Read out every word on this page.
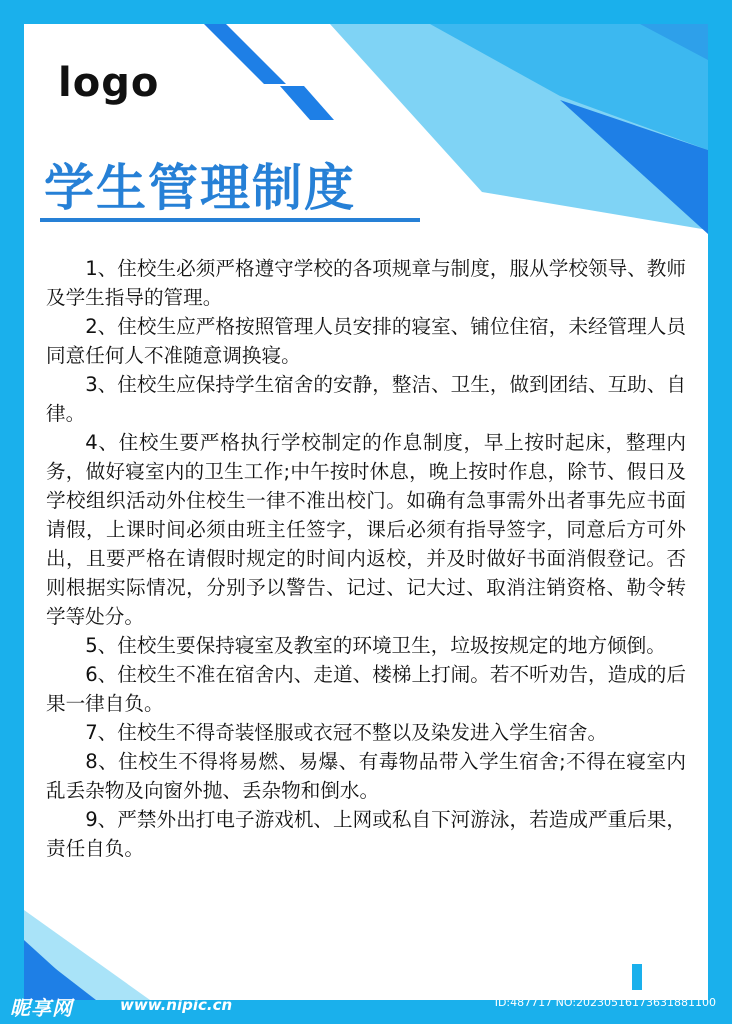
logo
学生管理制度

1、住校生必须严格遵守学校的各项规章与制度，服从学校领导、教师及学生指导的管理。

2、住校生应严格按照管理人员安排的寝室、铺位住宿，未经管理人员同意任何人不准随意调换寝。

3、住校生应保持学生宿舍的安静，整洁、卫生，做到团结、互助、自律。

4、住校生要严格执行学校制定的作息制度，早上按时起床，整理内务，做好寝室内的卫生工作;中午按时休息，晚上按时作息，除节、假日及学校组织活动外住校生一律不准出校门。如确有急事需外出者事先应书面请假，上课时间必须由班主任签字，课后必须有指导签字，同意后方可外出，且要严格在请假时规定的时间内返校，并及时做好书面消假登记。否则根据实际情况，分别予以警告、记过、记大过、取消注销资格、勒令转学等处分。

5、住校生要保持寝室及教室的环境卫生，垃圾按规定的地方倾倒。

6、住校生不准在宿舍内、走道、楼梯上打闹。若不听劝告，造成的后果一律自负。

7、住校生不得奇装怪服或衣冠不整以及染发进入学生宿舍。

8、住校生不得将易燃、易爆、有毒物品带入学生宿舍;不得在寝室内乱丢杂物及向窗外抛、丢杂物和倒水。

9、严禁外出打电子游戏机、上网或私自下河游泳，若造成严重后果，责任自负。

昵享网	www.nipic.cn	ID:487717 NO:20230516173631881100
